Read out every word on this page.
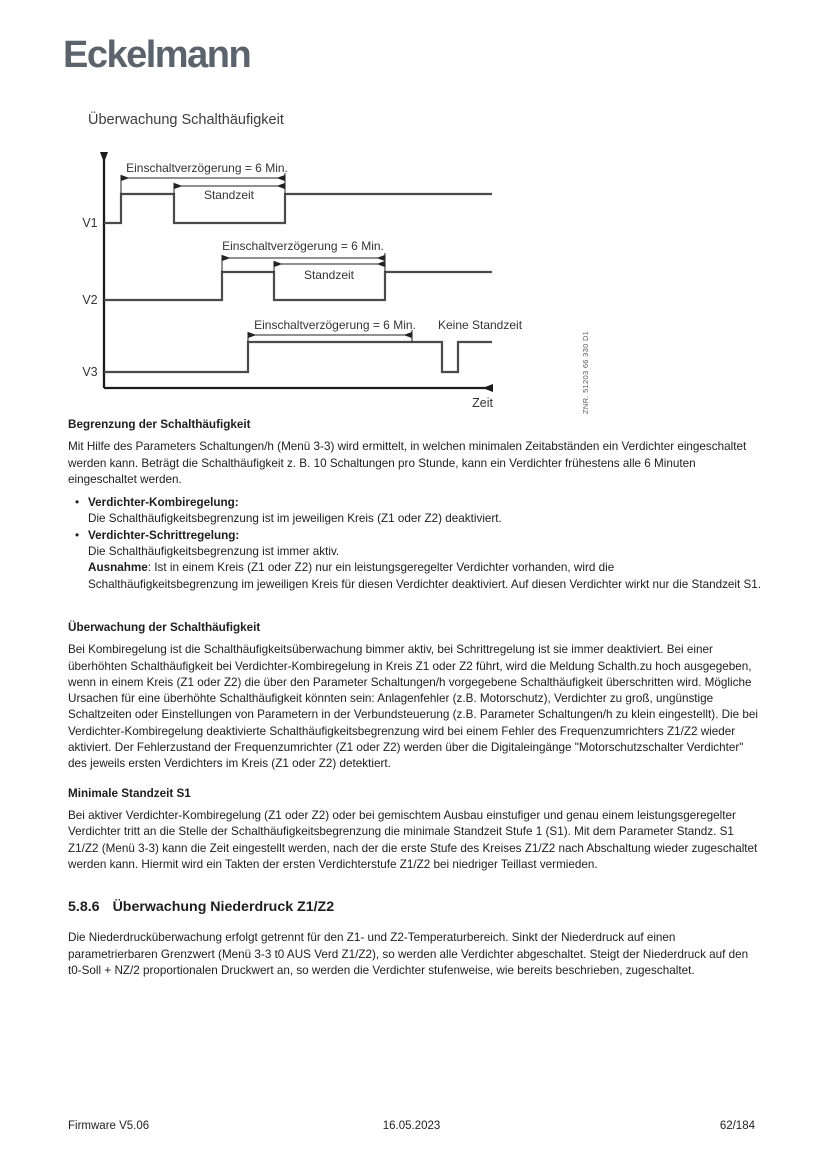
Eckelmann
Überwachung Schalthäufigkeit
Zeit
V1
Einschaltverzögerung = 6 Min.
Standzeit
V2
Einschaltverzögerung = 6 Min.
Standzeit
V3
Einschaltverzögerung = 6 Min. Keine Standzeit
ZNR. 51203 66 330 D1

Begrenzung der Schalthäufigkeit

Mit Hilfe des Parameters Schaltungen/h (Menü 3-3) wird ermittelt, in welchen minimalen Zeitabständen ein Verdichter eingeschaltet werden kann. Beträgt die Schalthäufigkeit z. B. 10 Schaltungen pro Stunde, kann ein Verdichter frühestens alle 6 Minuten eingeschaltet werden.

• Verdichter-Kombiregelung:
Die Schalthäufigkeitsbegrenzung ist im jeweiligen Kreis (Z1 oder Z2) deaktiviert.
• Verdichter-Schrittregelung:
Die Schalthäufigkeitsbegrenzung ist immer aktiv.
Ausnahme: Ist in einem Kreis (Z1 oder Z2) nur ein leistungsgeregelter Verdichter vorhanden, wird die Schalthäufigkeitsbegrenzung im jeweiligen Kreis für diesen Verdichter deaktiviert. Auf diesen Verdichter wirkt nur die Standzeit S1.

Überwachung der Schalthäufigkeit

Bei Kombiregelung ist die Schalthäufigkeitsüberwachung bimmer aktiv, bei Schrittregelung ist sie immer deaktiviert. Bei einer überhöhten Schalthäufigkeit bei Verdichter-Kombiregelung in Kreis Z1 oder Z2 führt, wird die Meldung Schalth.zu hoch ausgegeben, wenn in einem Kreis (Z1 oder Z2) die über den Parameter Schaltungen/h vorgegebene Schalthäufigkeit überschritten wird. Mögliche Ursachen für eine überhöhte Schalthäufigkeit könnten sein: Anlagenfehler (z.B. Motorschutz), Verdichter zu groß, ungünstige Schaltzeiten oder Einstellungen von Parametern in der Verbundsteuerung (z.B. Parameter Schaltungen/h zu klein eingestellt). Die bei Verdichter-Kombiregelung deaktivierte Schalthäufigkeitsbegrenzung wird bei einem Fehler des Frequenzumrichters Z1/Z2 wieder aktiviert. Der Fehlerzustand der Frequenzumrichter (Z1 oder Z2) werden über die Digitaleingänge "Motorschutzschalter Verdichter" des jeweils ersten Verdichters im Kreis (Z1 oder Z2) detektiert.

Minimale Standzeit S1

Bei aktiver Verdichter-Kombiregelung (Z1 oder Z2) oder bei gemischtem Ausbau einstufiger und genau einem leistungsgeregelter Verdichter tritt an die Stelle der Schalthäufigkeitsbegrenzung die minimale Standzeit Stufe 1 (S1). Mit dem Parameter Standz. S1 Z1/Z2 (Menü 3-3) kann die Zeit eingestellt werden, nach der die erste Stufe des Kreises Z1/Z2 nach Abschaltung wieder zugeschaltet werden kann. Hiermit wird ein Takten der ersten Verdichterstufe Z1/Z2 bei niedriger Teillast vermieden.

5.8.6 Überwachung Niederdruck Z1/Z2

Die Niederdrucküberwachung erfolgt getrennt für den Z1- und Z2-Temperaturbereich. Sinkt der Niederdruck auf einen parametrierbaren Grenzwert (Menü 3-3 t0 AUS Verd Z1/Z2), so werden alle Verdichter abgeschaltet. Steigt der Niederdruck auf den t0-Soll + NZ/2 proportionalen Druckwert an, so werden die Verdichter stufenweise, wie bereits beschrieben, zugeschaltet.

Firmware V5.06	16.05.2023	62/184
